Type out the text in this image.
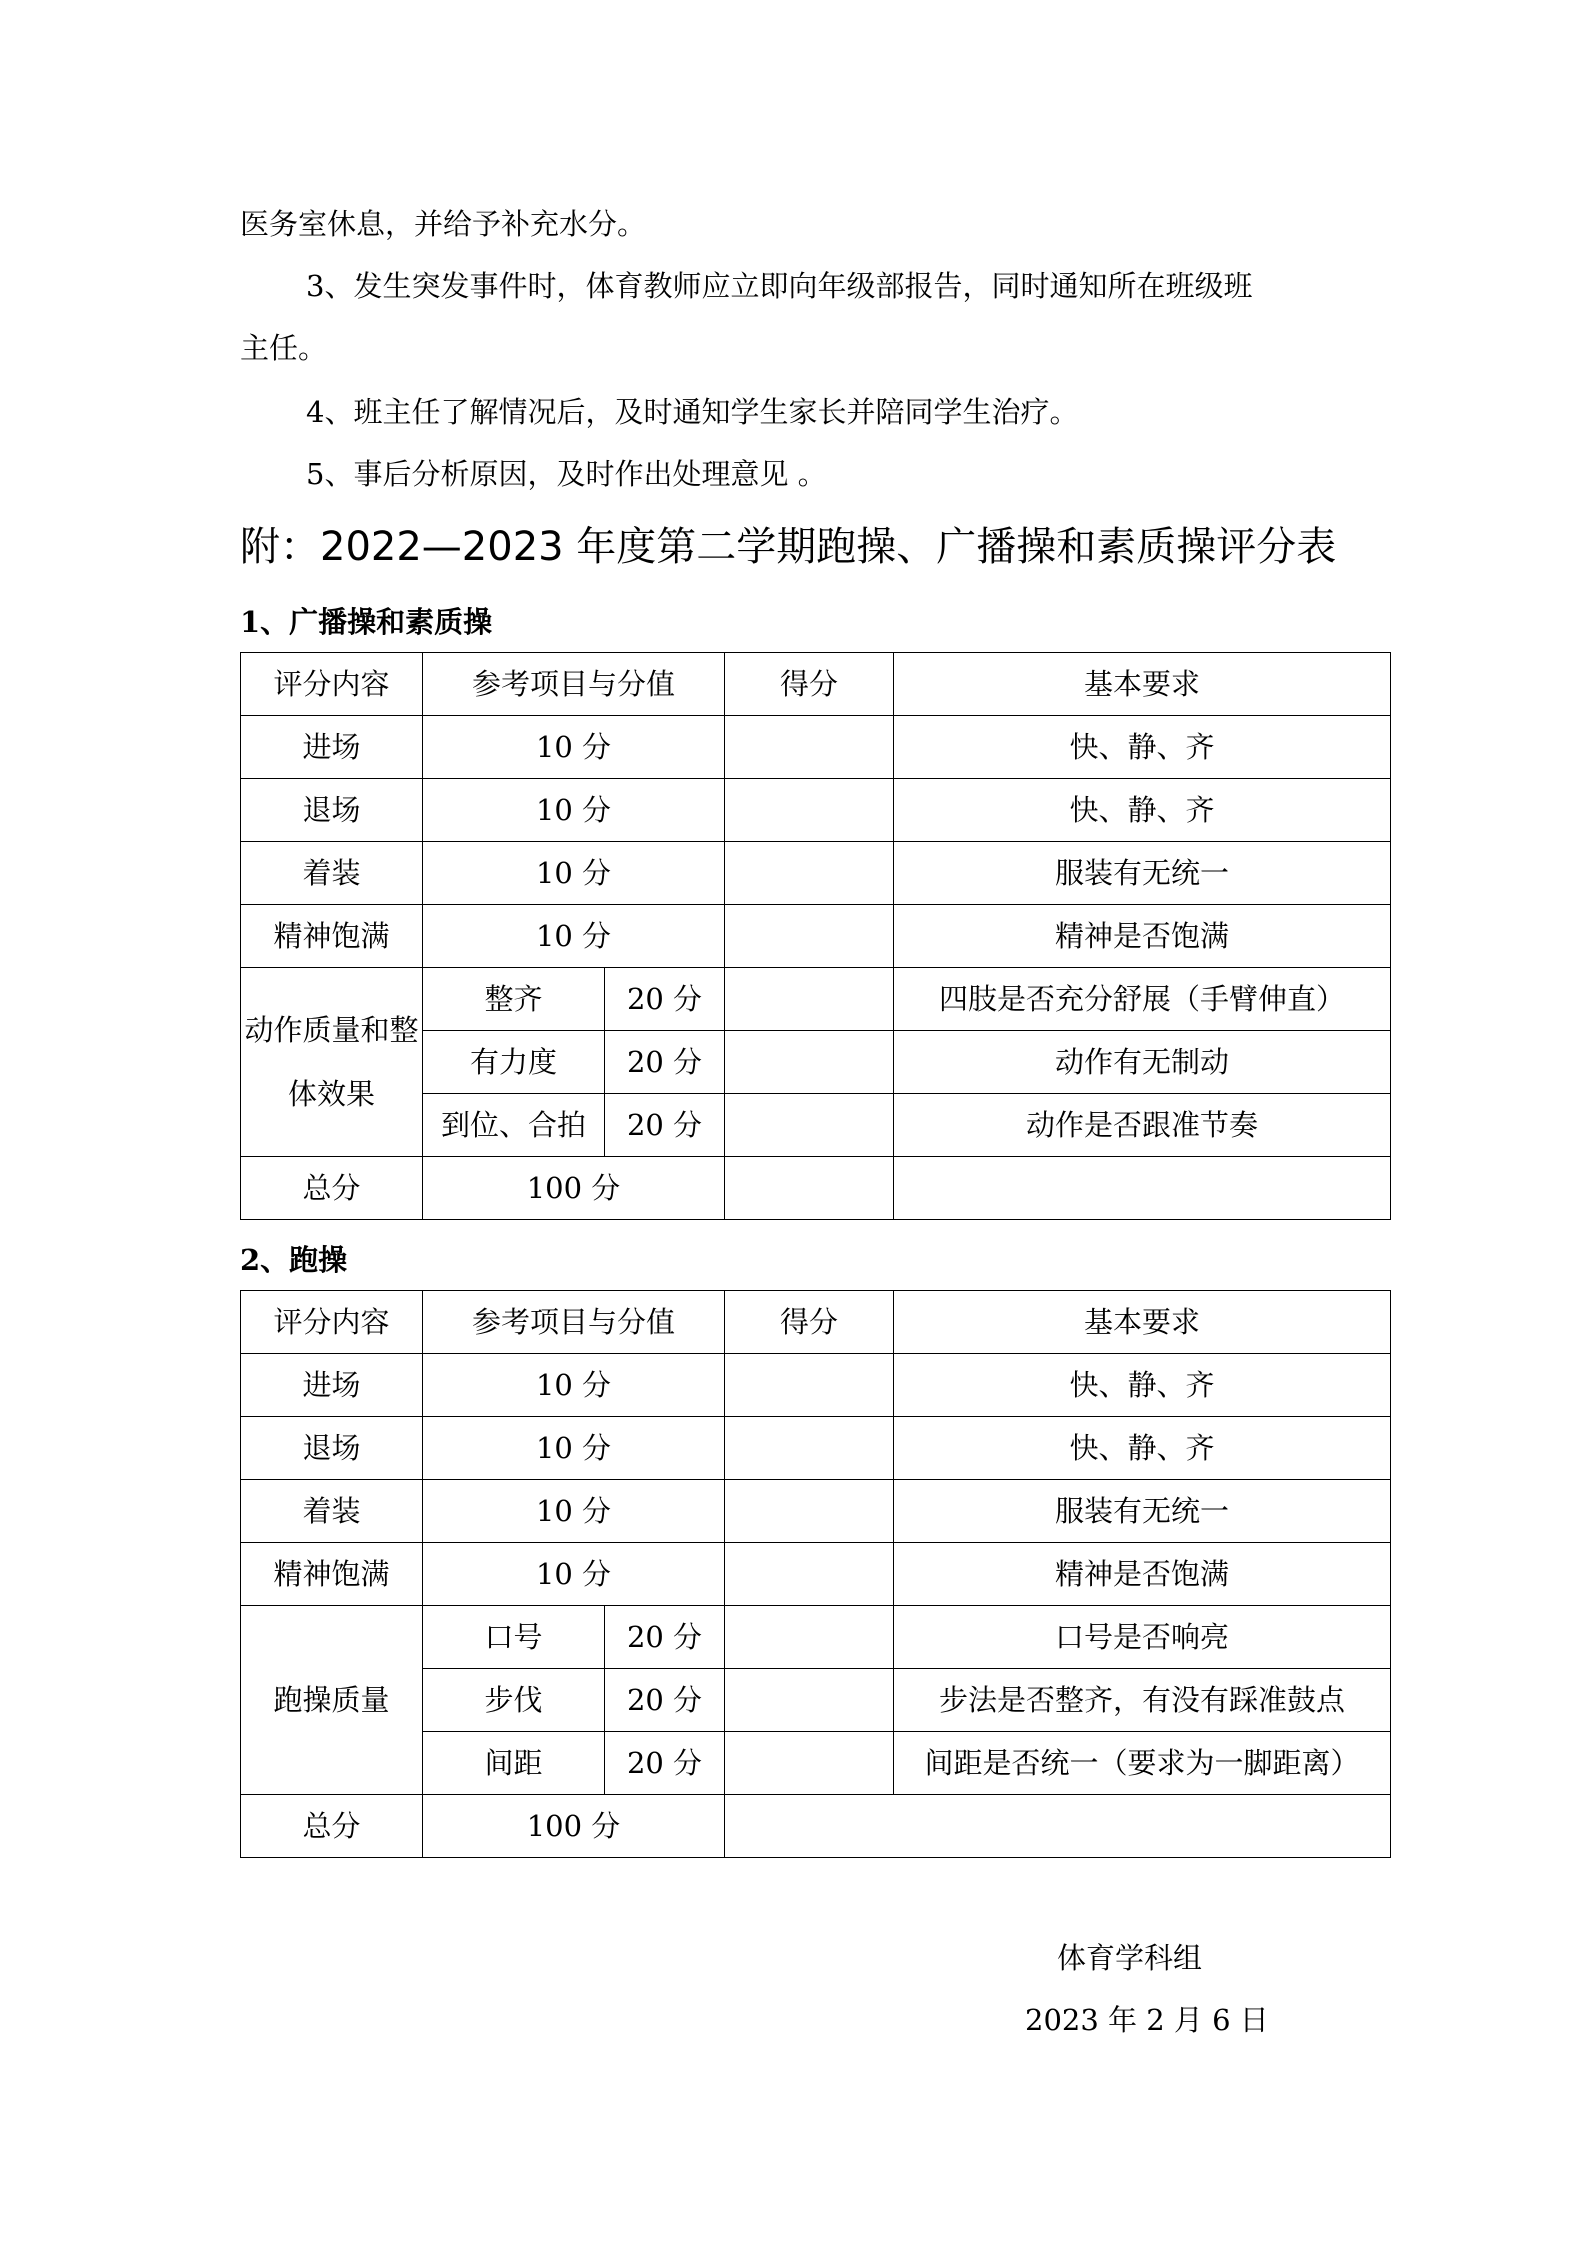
医务室休息，并给予补充水分。
3、发生突发事件时，体育教师应立即向年级部报告，同时通知所在班级班
主任。
4、班主任了解情况后，及时通知学生家长并陪同学生治疗。
5、事后分析原因，及时作出处理意见 。
附：2022—2023 年度第二学期跑操、广播操和素质操评分表
1、广播操和素质操
评分内容	参考项目与分值		得分	基本要求
进场	10 分			快、静、齐
退场	10 分			快、静、齐
着装	10 分			服装有无统一
精神饱满	10 分			精神是否饱满
动作质量和整体效果	整齐	20 分		四肢是否充分舒展（手臂伸直）
	有力度	20 分		动作有无制动
	到位、合拍	20 分		动作是否跟准节奏
总分	100 分			
2、跑操
评分内容	参考项目与分值		得分	基本要求
进场	10 分			快、静、齐
退场	10 分			快、静、齐
着装	10 分			服装有无统一
精神饱满	10 分			精神是否饱满
跑操质量	口号	20 分		口号是否响亮
	步伐	20 分		步法是否整齐，有没有踩准鼓点
	间距	20 分		间距是否统一（要求为一脚距离）
总分	100 分			
体育学科组
2023 年 2 月 6 日
